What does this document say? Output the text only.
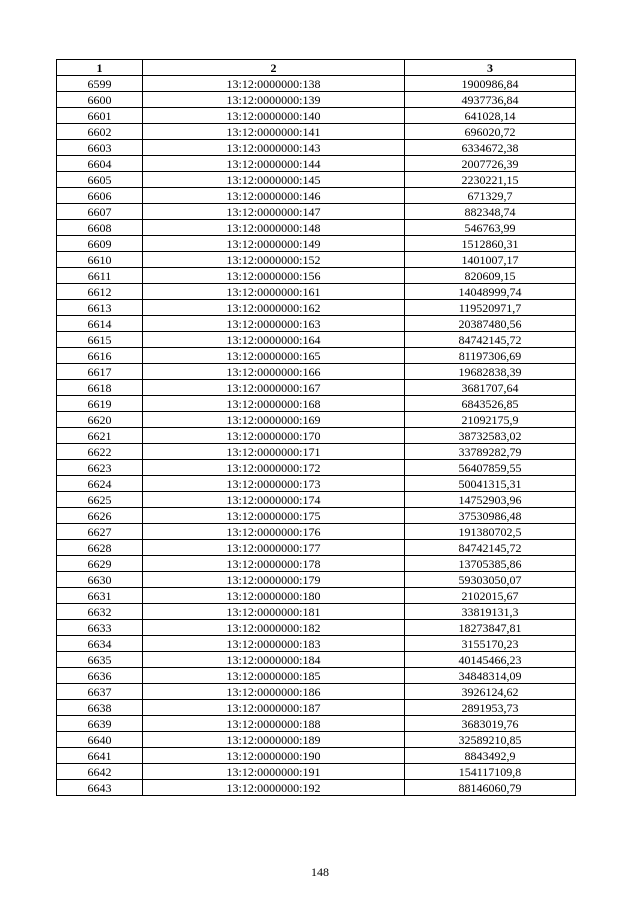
1	2	3
6599	13:12:0000000:138	1900986,84
6600	13:12:0000000:139	4937736,84
6601	13:12:0000000:140	641028,14
6602	13:12:0000000:141	696020,72
6603	13:12:0000000:143	6334672,38
6604	13:12:0000000:144	2007726,39
6605	13:12:0000000:145	2230221,15
6606	13:12:0000000:146	671329,7
6607	13:12:0000000:147	882348,74
6608	13:12:0000000:148	546763,99
6609	13:12:0000000:149	1512860,31
6610	13:12:0000000:152	1401007,17
6611	13:12:0000000:156	820609,15
6612	13:12:0000000:161	14048999,74
6613	13:12:0000000:162	119520971,7
6614	13:12:0000000:163	20387480,56
6615	13:12:0000000:164	84742145,72
6616	13:12:0000000:165	81197306,69
6617	13:12:0000000:166	19682838,39
6618	13:12:0000000:167	3681707,64
6619	13:12:0000000:168	6843526,85
6620	13:12:0000000:169	21092175,9
6621	13:12:0000000:170	38732583,02
6622	13:12:0000000:171	33789282,79
6623	13:12:0000000:172	56407859,55
6624	13:12:0000000:173	50041315,31
6625	13:12:0000000:174	14752903,96
6626	13:12:0000000:175	37530986,48
6627	13:12:0000000:176	191380702,5
6628	13:12:0000000:177	84742145,72
6629	13:12:0000000:178	13705385,86
6630	13:12:0000000:179	59303050,07
6631	13:12:0000000:180	2102015,67
6632	13:12:0000000:181	33819131,3
6633	13:12:0000000:182	18273847,81
6634	13:12:0000000:183	3155170,23
6635	13:12:0000000:184	40145466,23
6636	13:12:0000000:185	34848314,09
6637	13:12:0000000:186	3926124,62
6638	13:12:0000000:187	2891953,73
6639	13:12:0000000:188	3683019,76
6640	13:12:0000000:189	32589210,85
6641	13:12:0000000:190	8843492,9
6642	13:12:0000000:191	154117109,8
6643	13:12:0000000:192	88146060,79
148
